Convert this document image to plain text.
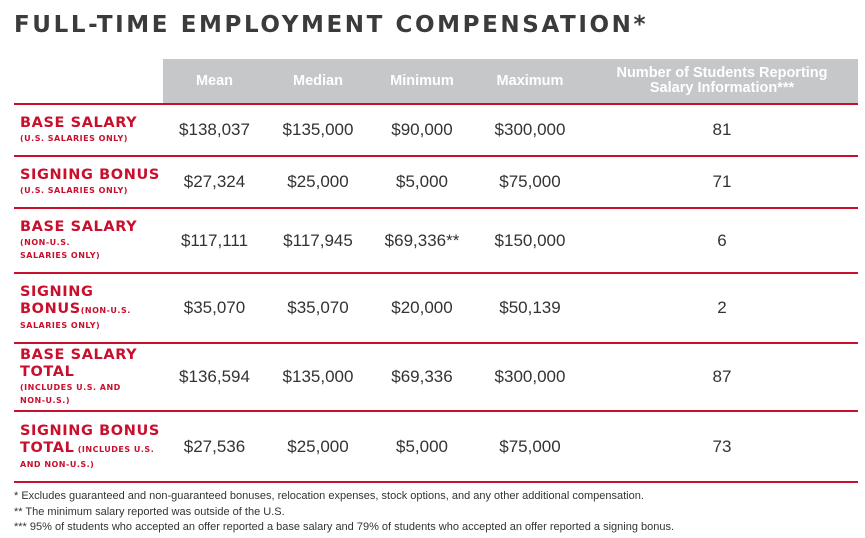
FULL-TIME EMPLOYMENT COMPENSATION*
Mean	Median	Minimum	Maximum	Number of Students Reporting
Salary Information***
BASE SALARY
(U.S. SALARIES ONLY)	$138,037	$135,000	$90,000	$300,000	81
SIGNING BONUS
(U.S. SALARIES ONLY)	$27,324	$25,000	$5,000	$75,000	71
BASE SALARY
(NON-U.S.
SALARIES ONLY)
$117,111	$117,945	$69,336**	$150,000	6
SIGNING
BONUS(NON-U.S.
SALARIES ONLY)
$35,070	$35,070	$20,000	$50,139	2
BASE SALARY
TOTAL
(INCLUDES U.S. AND
NON-U.S.)
$136,594	$135,000	$69,336	$300,000	87
SIGNING BONUS
TOTAL (INCLUDES U.S.
AND NON-U.S.)
$27,536	$25,000	$5,000	$75,000	73
* Excludes guaranteed and non-guaranteed bonuses, relocation expenses, stock options, and any other additional compensation.
** The minimum salary reported was outside of the U.S.
*** 95% of students who accepted an offer reported a base salary and 79% of students who accepted an offer reported a signing bonus.
